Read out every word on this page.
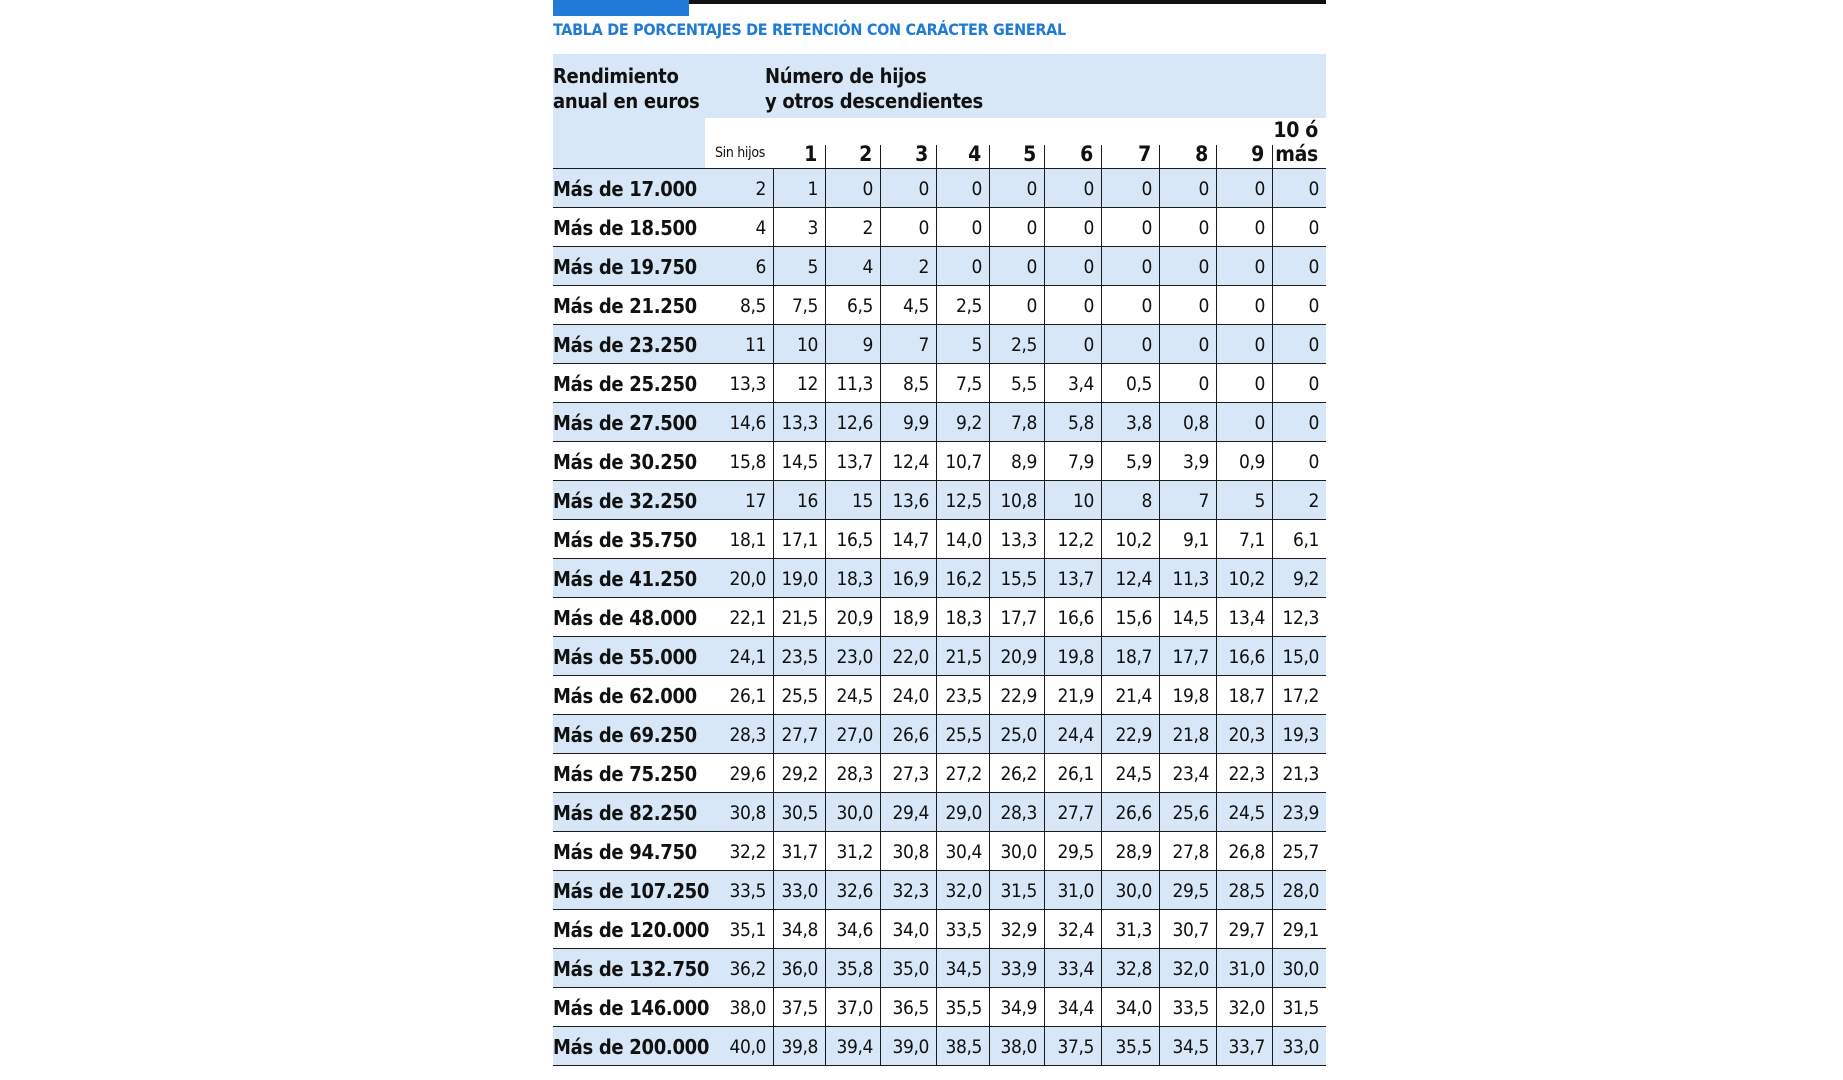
TABLA DE PORCENTAJES DE RETENCIÓN CON CARÁCTER GENERAL
Rendimiento
anual en euros
Número de hijos
y otros descendientes
Sin hijos 1 2 3 4 5 6 7 8 9
10 ó
más
Más de 17.000	2	1	0	0	0	0	0	0	0	0	0
Más de 18.500	4	3	2	0	0	0	0	0	0	0	0
Más de 19.750	6	5	4	2	0	0	0	0	0	0	0
Más de 21.250	8,5	7,5	6,5	4,5	2,5	0	0	0	0	0	0
Más de 23.250	11	10	9	7	5	2,5	0	0	0	0	0
Más de 25.250	13,3	12 11,3	8,5	7,5	5,5	3,4	0,5	0	0	0
Más de 27.500	14,6 13,3 12,6	9,9	9,2	7,8	5,8	3,8	0,8	0	0
Más de 30.250	15,8 14,5 13,7	12,4 10,7	8,9	7,9	5,9	3,9	0,9	0
Más de 32.250	17	16	15	13,6 12,5 10,8	10	8	7	5	2
Más de 35.750	18,1 17,1 16,5	14,7 14,0 13,3	12,2	10,2	9,1	7,1	6,1
Más de 41.250	20,0 19,0 18,3	16,9 16,2 15,5	13,7	12,4	11,3	10,2	9,2
Más de 48.000	22,1 21,5 20,9	18,9 18,3 17,7	16,6	15,6	14,5	13,4 12,3
Más de 55.000	24,1 23,5 23,0	22,0 21,5 20,9	19,8	18,7	17,7	16,6 15,0
Más de 62.000	26,1 25,5 24,5	24,0 23,5 22,9	21,9	21,4	19,8	18,7 17,2
Más de 69.250	28,3 27,7 27,0	26,6 25,5 25,0	24,4	22,9	21,8	20,3 19,3
Más de 75.250	29,6 29,2 28,3	27,3 27,2 26,2	26,1	24,5	23,4	22,3 21,3
Más de 82.250	30,8 30,5 30,0	29,4 29,0 28,3	27,7	26,6	25,6	24,5 23,9
Más de 94.750	32,2 31,7 31,2	30,8 30,4 30,0	29,5	28,9	27,8	26,8 25,7
Más de 107.250	33,5 33,0 32,6	32,3 32,0 31,5	31,0	30,0	29,5	28,5 28,0
Más de 120.000	35,1 34,8 34,6	34,0 33,5 32,9	32,4	31,3	30,7	29,7 29,1
Más de 132.750	36,2 36,0 35,8	35,0 34,5 33,9	33,4	32,8	32,0	31,0 30,0
Más de 146.000	38,0 37,5 37,0	36,5 35,5 34,9	34,4	34,0	33,5	32,0 31,5
Más de 200.000	40,0 39,8 39,4	39,0 38,5 38,0	37,5	35,5	34,5	33,7 33,0
